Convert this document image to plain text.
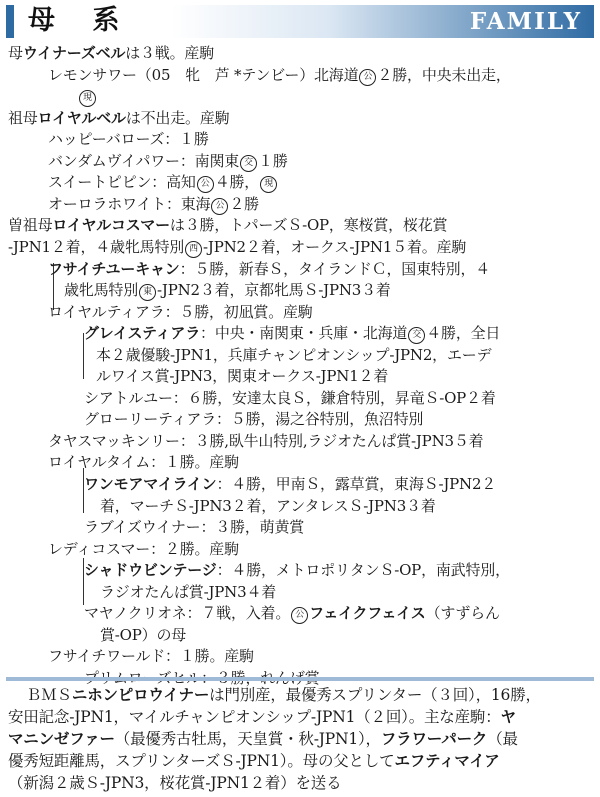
母 系	FAMILY
母ウイナーズベルは３戦。産駒
レモンサワー（05　牝　芦 *テンビー）北海道 公 ２勝，中央未出走，
現
祖母ロイヤルベルは不出走。産駒
ハッピーバローズ：１勝
バンダムヴイパワー：南関東 交 １勝
スイートピピン：高知 公 ４勝， 現
オーロラホワイト：東海 公 ２勝
曽祖母ロイヤルコスマーは３勝，トパーズＳ-OP，寒桜賞，桜花賞
-JPN1２着，４歳牝馬特別 西 -JPN2２着，オークス-JPN1５着。産駒
フサイチユーキャン：５勝，新春Ｓ，タイランドＣ，国東特別，４
歳牝馬特別 東 -JPN2３着，京都牝馬Ｓ-JPN3３着
ロイヤルティアラ：５勝，初凪賞。産駒
グレイスティアラ：中央・南関東・兵庫・北海道 交 ４勝，全日
本２歳優駿-JPN1，兵庫チャンピオンシップ-JPN2，エーデ
ルワイス賞-JPN3，関東オークス-JPN1２着
シアトルユー：６勝，安達太良Ｓ，鎌倉特別，昇竜Ｓ-OP２着
グローリーティアラ：５勝，湯之谷特別，魚沼特別
タヤスマッキンリー：３勝,臥牛山特別,ラジオたんぱ賞-JPN3５着
ロイヤルタイム：１勝。産駒
ワンモアマイライン：４勝，甲南Ｓ，露草賞，東海Ｓ-JPN2２
着，マーチＳ-JPN3２着，アンタレスＳ-JPN3３着
ラブイズウイナー：３勝，萌黄賞
レディコスマー：２勝。産駒
シャドウビンテージ：４勝，メトロポリタンＳ-OP，南武特別，
ラジオたんぱ賞-JPN3４着
マヤノクリオネ：７戦，入着。 公 フェイクフェイス（すずらん
賞-OP）の母
フサイチワールド：１勝。産駒
ＢＭＳニホンピロウイナーは門別産，最優秀スプリンター（３回），16勝，
安田記念-JPN1，マイルチャンピオンシップ-JPN1（２回）。主な産駒：ヤ
マニンゼファー（最優秀古牡馬，天皇賞・秋-JPN1），フラワーパーク（最
優秀短距離馬，スプリンターズＳ-JPN1）。母の父としてエフティマイア
（新潟２歳Ｓ-JPN3，桜花賞-JPN1２着）を送る
